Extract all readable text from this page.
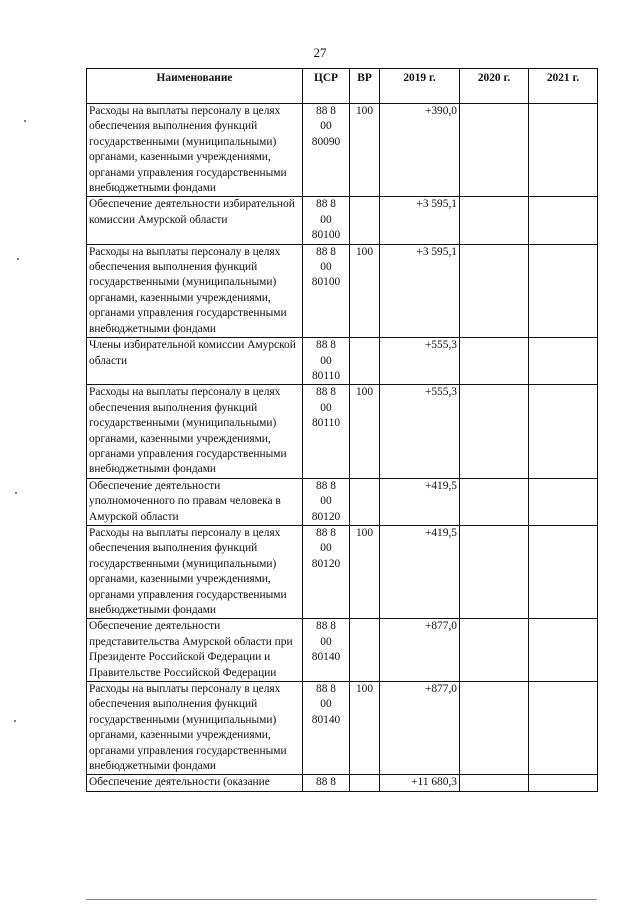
27
Наименование	ЦСР	ВР	2019 г.	2020 г.	2021 г.
Расходы на выплаты персоналу в целях обеспечения выполнения функций государственными (муниципальными) органами, казенными учреждениями, органами управления государственными внебюджетными фондами	88 8
00
80090	100	+390,0		
Обеспечение деятельности избирательной комиссии Амурской области	88 8
00
80100		+3 595,1		
Расходы на выплаты персоналу в целях обеспечения выполнения функций государственными (муниципальными) органами, казенными учреждениями, органами управления государственными внебюджетными фондами	88 8
00
80100	100	+3 595,1		
Члены избирательной комиссии Амурской области	88 8
00
80110		+555,3		
Расходы на выплаты персоналу в целях обеспечения выполнения функций государственными (муниципальными) органами, казенными учреждениями, органами управления государственными внебюджетными фондами	88 8
00
80110	100	+555,3		
Обеспечение деятельности уполномоченного по правам человека в Амурской области	88 8
00
80120		+419,5		
Расходы на выплаты персоналу в целях обеспечения выполнения функций государственными (муниципальными) органами, казенными учреждениями, органами управления государственными внебюджетными фондами	88 8
00
80120	100	+419,5		
Обеспечение деятельности представительства Амурской области при Президенте Российской Федерации и Правительстве Российской Федерации	88 8
00
80140		+877,0		
Расходы на выплаты персоналу в целях обеспечения выполнения функций государственными (муниципальными) органами, казенными учреждениями, органами управления государственными внебюджетными фондами	88 8
00
80140	100	+877,0		
Обеспечение деятельности (оказание	88 8		+11 680,3		
